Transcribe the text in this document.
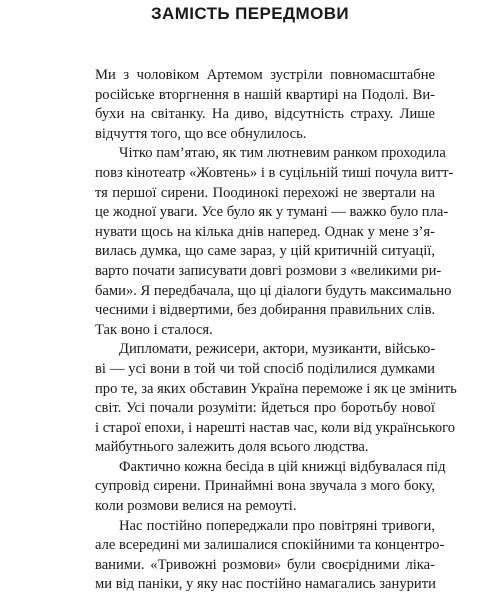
ЗАМІСТЬ ПЕРЕДМОВИ
Ми з чоловіком Артемом зустріли повномасштабне
російське вторгнення в нашій квартирі на Подолі. Ви-
бухи на світанку. На диво, відсутність страху. Лише
відчуття того, що все обнулилось.
Чітко пам’ятаю, як тим лютневим ранком проходила
повз кінотеатр «Жовтень» і в суцільній тиші почула витт-
тя першої сирени. Поодинокі перехожі не звертали на
це жодної уваги. Усе було як у тумані — важко було пла-
нувати щось на кілька днів наперед. Однак у мене з’я-
вилась думка, що саме зараз, у цій критичній ситуації,
варто почати записувати довгі розмови з «великими ри-
бами». Я передбачала, що ці діалоги будуть максимально
чесними і відвертими, без добирання правильних слів.
Так воно і сталося.
Дипломати, режисери, актори, музиканти, військо-
ві — усі вони в той чи той спосіб поділилися думками
про те, за яких обставин Україна переможе і як це змінить
світ. Усі почали розуміти: йдеться про боротьбу нової
і старої епохи, і нарешті настав час, коли від українського
майбутнього залежить доля всього людства.
Фактично кожна бесіда в цій книжці відбувалася під
супровід сирени. Принаймні вона звучала з мого боку,
коли розмови велися на ремоуті.
Нас постійно попереджали про повітряні тривоги,
але всередині ми залишалися спокійними та концентро-
ваними. «Тривожні розмови» були своєрідними ліка-
ми від паніки, у яку нас постійно намагались занурити
